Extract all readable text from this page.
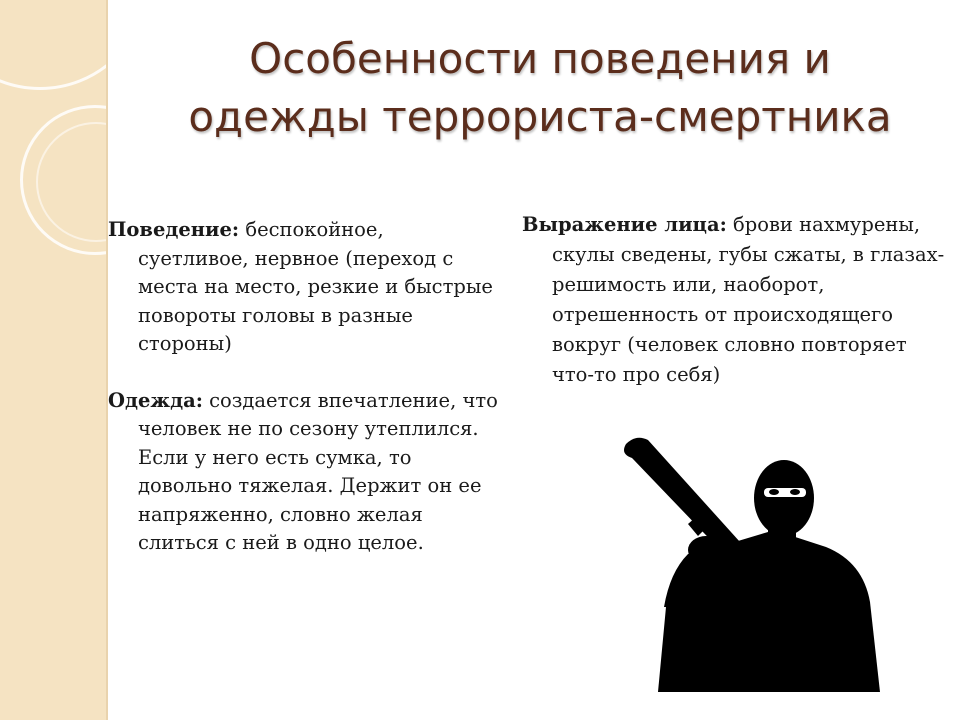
Особенности поведения и
одежды террориста-смертника
Поведение: беспокойное, суетливое, нервное (переход с места на место, резкие и быстрые повороты головы в разные стороны)
Одежда: создается впечатление, что человек не по сезону утеплился. Если у него есть сумка, то довольно тяжелая. Держит он ее напряженно, словно желая слиться с ней в одно целое.
Выражение лица: брови нахмурены, скулы сведены, губы сжаты, в глазах- решимость или, наоборот, отрешенность от происходящего вокруг (человек словно повторяет что-то про себя)
